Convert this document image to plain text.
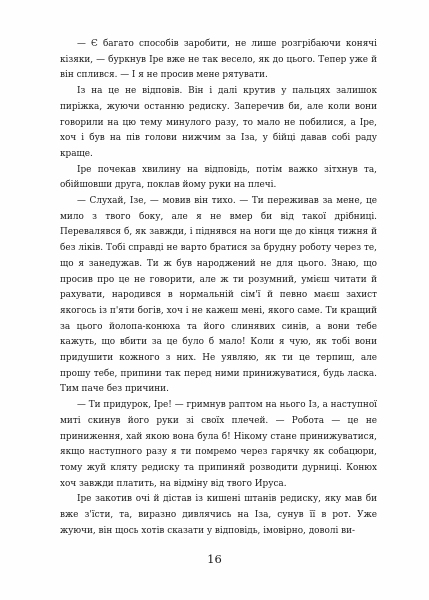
— Є багато способів заробити, не лише розгрібаючи конячі кізяки, — буркнув Іре вже не так весело, як до цього. Тепер уже й він сплився. — І я не просив мене рятувати.

Із на це не відповів. Він і далі крутив у пальцях залишок пиріжка, жуючи останню редиску. Заперечив би, але коли вони говорили на цю тему минулого разу, то мало не побилися, а Іре, хоч і був на пів голови нижчим за Іза, у бійці давав собі раду краще.

Іре почекав хвилину на відповідь, потім важко зітхнув та, обійшовши друга, поклав йому руки на плечі.

— Слухай, Ізе, — мовив він тихо. — Ти переживав за мене, це мило з твого боку, але я не вмер би від такої дрібниці. Перевалявся б, як завжди, і піднявся на ноги ще до кінця тижня й без ліків. Тобі справді не варто братися за брудну роботу через те, що я занедужав. Ти ж був народжений не для цього. Знаю, що просив про це не говорити, але ж ти розумний, умієш читати й рахувати, народився в нормальній сім'ї й певно маєш захист якогось із п'яти богів, хоч і не кажеш мені, якого саме. Ти кращий за цього йолопа-конюха та його слинявих синів, а вони тебе кажуть, що вбити за це було б мало! Коли я чую, як тобі вони придушити кожного з них. Не уявляю, як ти це терпиш, але прошу тебе, припини так перед ними принижуватися, будь ласка. Тим паче без причини.

— Ти придурок, Іре! — гримнув раптом на нього Із, а наступної миті скинув його руки зі своїх плечей. — Робота — це не приниження, хай якою вона була б! Нікому стане принижуватися, якщо наступного разу я ти помремо через гарячку як собацюри, тому жуй кляту редиску та припиняй розводити дурниці. Конюх хоч завжди платить, на відміну від твого Ируса.

Іре закотив очі й дістав із кишені штанів редиску, яку мав би вже з'їсти, та, виразно дивлячись на Іза, сунув її в рот. Уже жуючи, він щось хотів сказати у відповідь, імовірно, доволі ви-

16
